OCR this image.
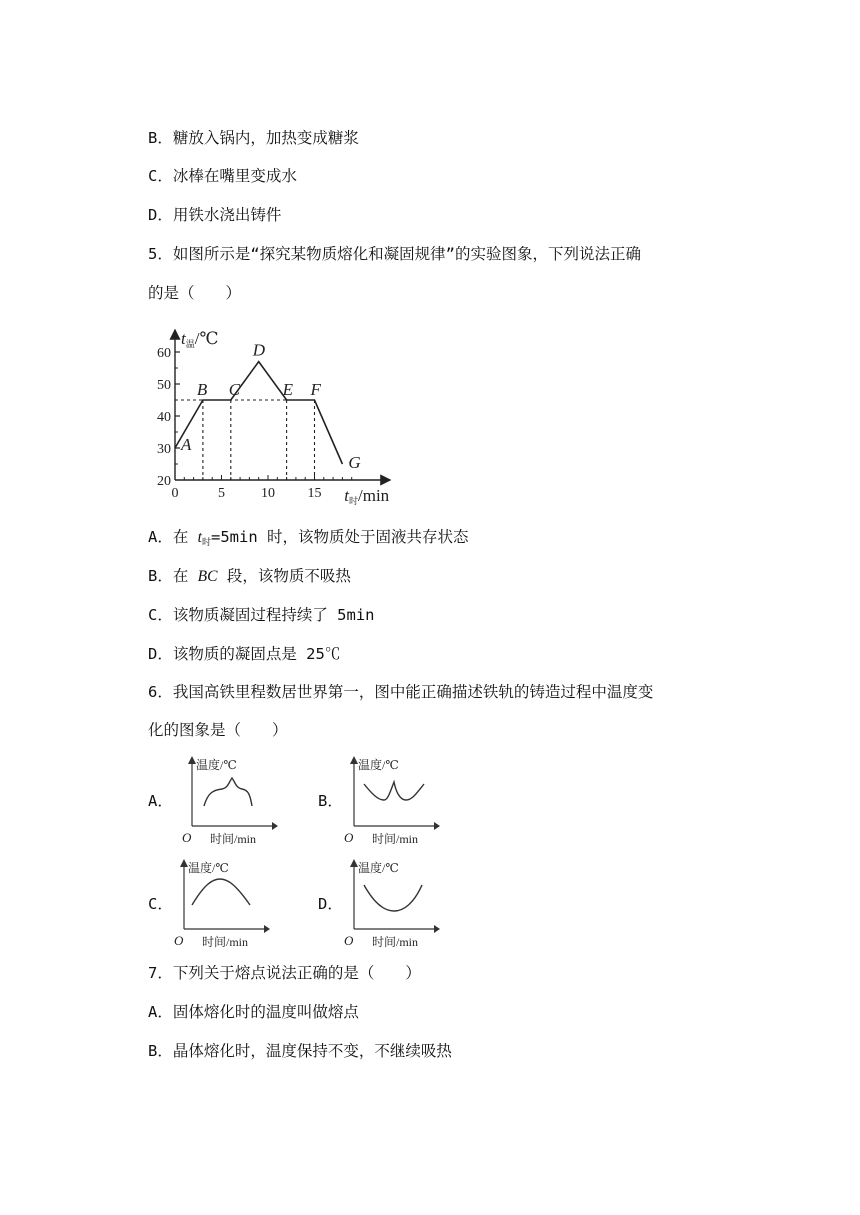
B．糖放入锅内，加热变成糖浆
C．冰棒在嘴里变成水
D．用铁水浇出铸件
5．如图所示是“探究某物质熔化和凝固规律”的实验图象，下列说法正确
的是（　　）
20
30
40
50
60
0	5	10 15
t温/℃
t时/min
A
B C
D
E F
G
A．在 t时=5min 时，该物质处于固液共存状态
B．在 BC 段，该物质不吸热
C．该物质凝固过程持续了 5min
D．该物质的凝固点是 25℃
6．我国高铁里程数居世界第一，图中能正确描述铁轨的铸造过程中温度变
化的图象是（　　）
A．	B．
C．	D．
温度/℃
时间/min
O
温度/℃
时间/min
O
温度/℃
时间/min
O
温度/℃
时间/min
O
7．下列关于熔点说法正确的是（　　）
A．固体熔化时的温度叫做熔点
B．晶体熔化时，温度保持不变，不继续吸热
